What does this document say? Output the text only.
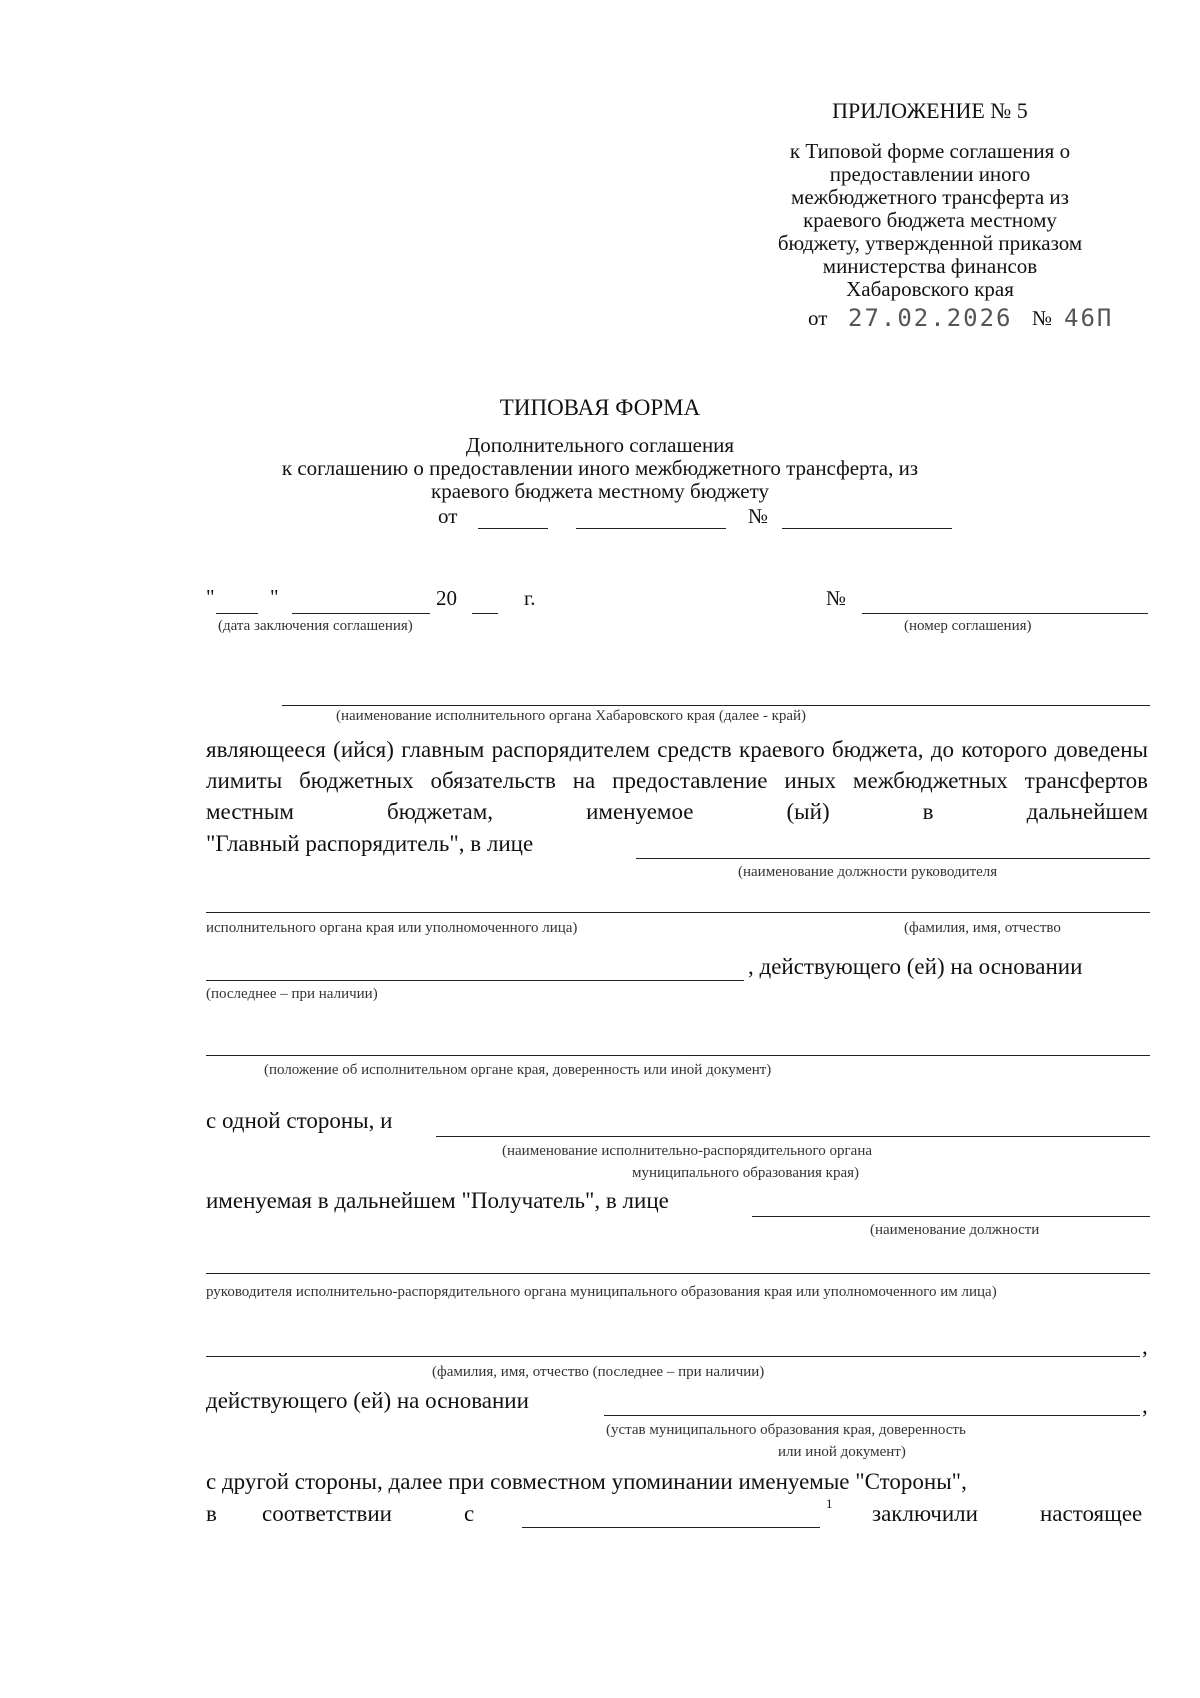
ПРИЛОЖЕНИЕ № 5
к Типовой форме соглашения о
предоставлении иного
межбюджетного трансферта из
краевого бюджета местному
бюджету, утвержденной приказом
министерства финансов
Хабаровского края
от 27.02.2026 № 46П
ТИПОВАЯ ФОРМА
Дополнительного соглашения
к соглашению о предоставлении иного межбюджетного трансферта, из
краевого бюджета местному бюджету
от	№
"	"	20	г.
(дата заключения соглашения)
№
(номер соглашения)
(наименование исполнительного органа Хабаровского края (далее - край)
являющееся (ийся) главным распорядителем средств краевого бюджета, до которого доведены лимиты бюджетных обязательств на предоставление иных межбюджетных трансфертов местным бюджетам, именуемое (ый) в дальнейшем
"Главный распорядитель", в лице
(наименование должности руководителя
исполнительного органа края или уполномоченного лица)	(фамилия, имя, отчество
, действующего (ей) на основании
(последнее – при наличии)
(положение об исполнительном органе края, доверенность или иной документ)
с одной стороны, и
(наименование исполнительно-распорядительного органа
муниципального образования края)
именуемая в дальнейшем "Получатель", в лице
(наименование должности
руководителя исполнительно-распорядительного органа муниципального образования края или уполномоченного им лица)
,
(фамилия, имя, отчество (последнее – при наличии)
действующего (ей) на основании	,
(устав муниципального образования края, доверенность
или иной документ)
с другой стороны, далее при совместном упоминании именуемые "Стороны",
в соответствии	с	1 заключили	настоящее
